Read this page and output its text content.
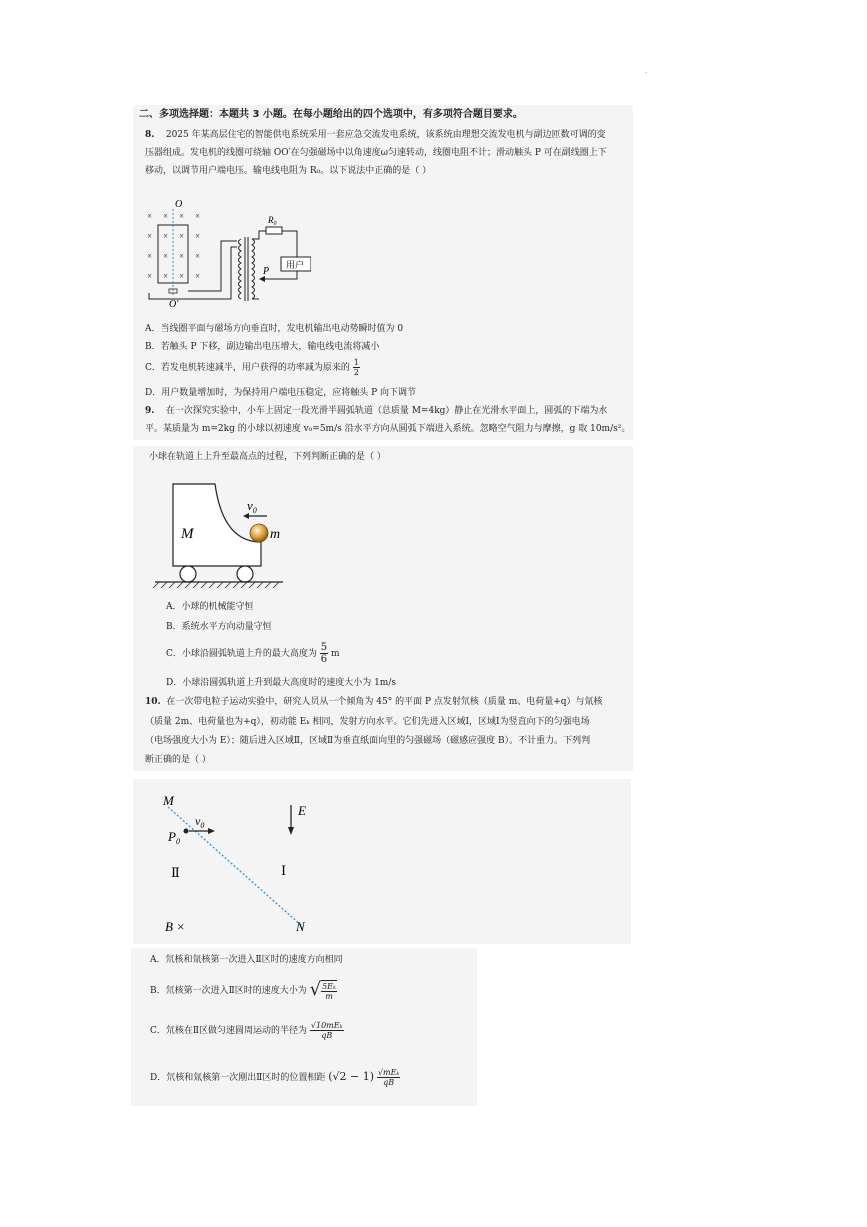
·
二、多项选择题：本题共 3 小题。在每小题给出的四个选项中，有多项符合题目要求。
8. 2025 年某高层住宅的智能供电系统采用一套应急交流发电系统，该系统由理想交流发电机与副边匝数可调的变
压器组成。发电机的线圈可绕轴 OO′在匀强磁场中以角速度ω匀速转动，线圈电阻不计；滑动触头 P 可在副线圈上下
移动，以调节用户端电压。输电线电阻为 R₀。以下说法中正确的是（ ）
O
× × × ×
× × × ×
× × × ×
× × × ×
O′
P
$R_0$
用户
A．当线圈平面与磁场方向垂直时，发电机输出电动势瞬时值为 0
B．若触头 P 下移，副边输出电压增大，输电线电流将减小
C．若发电机转速减半，用户获得的功率减为原来的 $\frac{1}{2}$
D．用户数量增加时，为保持用户端电压稳定，应将触头 P 向下调节
9. 在一次探究实验中，小车上固定一段光滑半圆弧轨道（总质量 M=4kg）静止在光滑水平面上，圆弧的下端为水
平。某质量为 m=2kg 的小球以初速度 v₀=5m/s 沿水平方向从圆弧下端进入系统。忽略空气阻力与摩擦，g 取 10m/s²。
小球在轨道上上升至最高点的过程，下列判断正确的是（ ）
M	m
$v_0$
A．小球的机械能守恒
B．系统水平方向动量守恒
C．小球沿圆弧轨道上升的最大高度为 $\frac{5}{6}$ m
D．小球沿圆弧轨道上升到最大高度时的速度大小为 1m/s
10. 在一次带电粒子运动实验中，研究人员从一个倾角为 45° 的平面 P 点发射氘核（质量 m、电荷量+q）与氚核
（质量 2m、电荷量也为+q），初动能 Eₖ 相同，发射方向水平。它们先进入区域Ⅰ，区域Ⅰ为竖直向下的匀强电场
（电场强度大小为 E）；随后进入区域Ⅱ，区域Ⅱ为垂直纸面向里的匀强磁场（磁感应强度 B）。不计重力。下列判
断正确的是（ ）
M
N
E
$P_0$
$v_0$
Ⅱ	Ⅰ
B ×
A．氘核和氚核第一次进入Ⅱ区时的速度方向相同
B．氘核第一次进入Ⅱ区时的速度大小为 √ $\frac{\text{5Eₖ}}{m}$
C．氘核在Ⅱ区做匀速圆周运动的半径为 $\frac{\text{√10mEₖ}}{qB}$
D．氘核和氚核第一次刚出Ⅱ区时的位置相距 $(√2 - 1) \frac{\text{√mEₖ}}{qB}$
